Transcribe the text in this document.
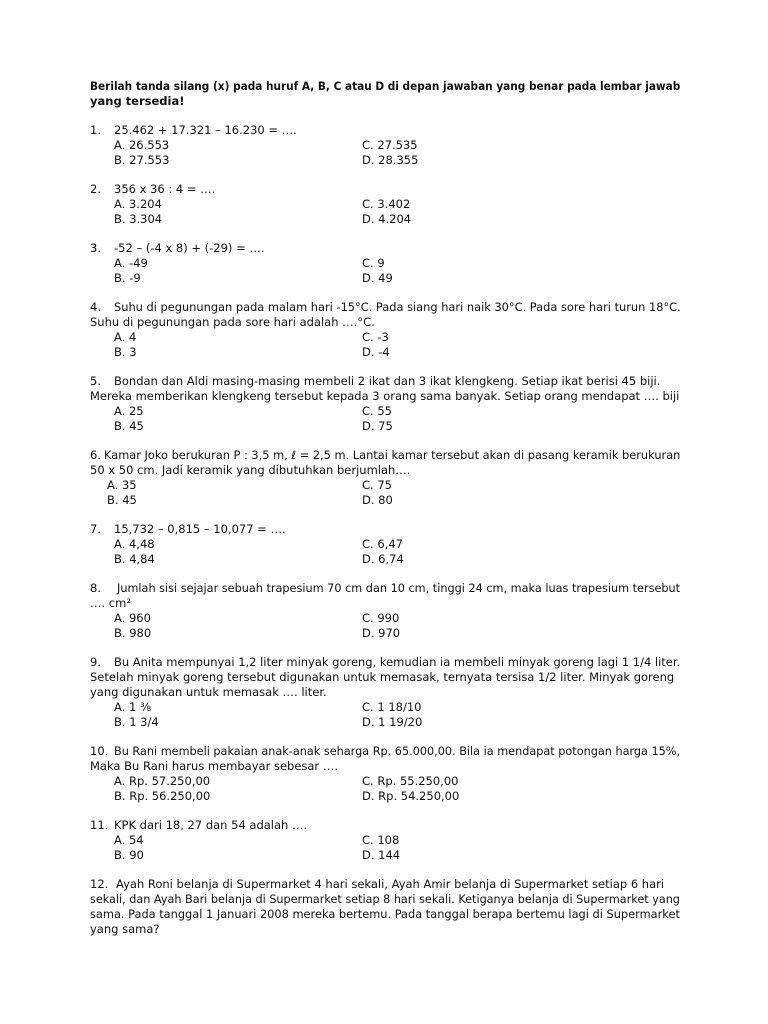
Berilah tanda silang (x) pada huruf A, B, C atau D di depan jawaban yang benar pada lembar jawab
yang tersedia!
1. 25.462 + 17.321 – 16.230 = ….
A. 26.553
B. 27.553
C. 27.535
D. 28.355
2. 356 x 36 : 4 = ….
A. 3.204
B. 3.304
C. 3.402
D. 4.204
3. -52 – (-4 x 8) + (-29) = ….
A. -49
B. -9
C. 9
D. 49
4. Suhu di pegunungan pada malam hari -15°C. Pada siang hari naik 30°C. Pada sore hari turun 18°C.
Suhu di pegunungan pada sore hari adalah ….°C.
A. 4
B. 3
C. -3
D. -4
5. Bondan dan Aldi masing-masing membeli 2 ikat dan 3 ikat klengkeng. Setiap ikat berisi 45 biji.
Mereka memberikan klengkeng tersebut kepada 3 orang sama banyak. Setiap orang mendapat …. biji
A. 25
B. 45
C. 55
D. 75
6. Kamar Joko berukuran P : 3,5 m, ℓ = 2,5 m. Lantai kamar tersebut akan di pasang keramik berukuran
50 x 50 cm. Jadi keramik yang dibutuhkan berjumlah….
A. 35
B. 45
C. 75
D. 80
7. 15,732 – 0,815 – 10,077 = ….
A. 4,48
B. 4,84
C. 6,47
D. 6,74
8. Jumlah sisi sejajar sebuah trapesium 70 cm dan 10 cm, tinggi 24 cm, maka luas trapesium tersebut
…. cm²
A. 960
B. 980
C. 990
D. 970
9. Bu Anita mempunyai 1,2 liter minyak goreng, kemudian ia membeli minyak goreng lagi 1 1/4 liter.
Setelah minyak goreng tersebut digunakan untuk memasak, ternyata tersisa 1/2 liter. Minyak goreng
yang digunakan untuk memasak …. liter.
A. 1 ⅜
B. 1 3/4
C. 1 18/10
D. 1 19/20
10. Bu Rani membeli pakaian anak-anak seharga Rp. 65.000,00. Bila ia mendapat potongan harga 15%,
Maka Bu Rani harus membayar sebesar ….
A. Rp. 57.250,00
B. Rp. 56.250,00
C. Rp. 55.250,00
D. Rp. 54.250,00
11. KPK dari 18, 27 dan 54 adalah ….
A. 54
B. 90
C. 108
D. 144
12. Ayah Roni belanja di Supermarket 4 hari sekali, Ayah Amir belanja di Supermarket setiap 6 hari
sekali, dan Ayah Bari belanja di Supermarket setiap 8 hari sekali. Ketiganya belanja di Supermarket yang
sama. Pada tanggal 1 Januari 2008 mereka bertemu. Pada tanggal berapa bertemu lagi di Supermarket
yang sama?
